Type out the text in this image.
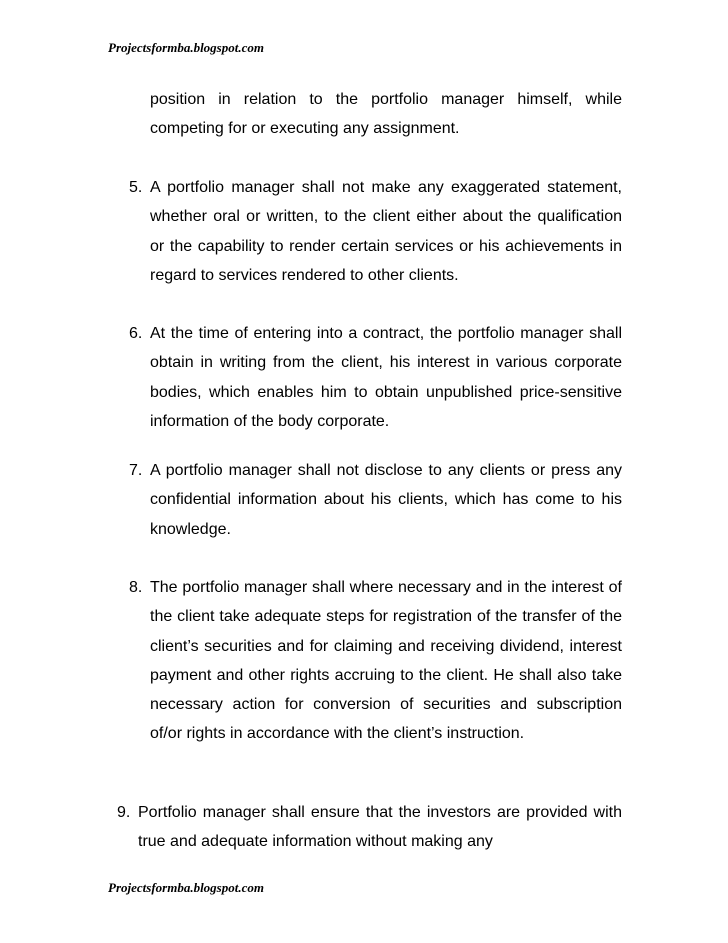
Projectsformba.blogspot.com
position in relation to the portfolio manager himself, while competing for or executing any assignment.
5. A portfolio manager shall not make any exaggerated statement, whether oral or written, to the client either about the qualification or the capability to render certain services or his achievements in regard to services rendered to other clients.
6. At the time of entering into a contract, the portfolio manager shall obtain in writing from the client, his interest in various corporate bodies, which enables him to obtain unpublished price-sensitive information of the body corporate.
7. A portfolio manager shall not disclose to any clients or press any confidential information about his clients, which has come to his knowledge.
8. The portfolio manager shall where necessary and in the interest of the client take adequate steps for registration of the transfer of the client’s securities and for claiming and receiving dividend, interest payment and other rights accruing to the client. He shall also take necessary action for conversion of securities and subscription of/or rights in accordance with the client’s instruction.
9. Portfolio manager shall ensure that the investors are provided with true and adequate information without making any
Projectsformba.blogspot.com
